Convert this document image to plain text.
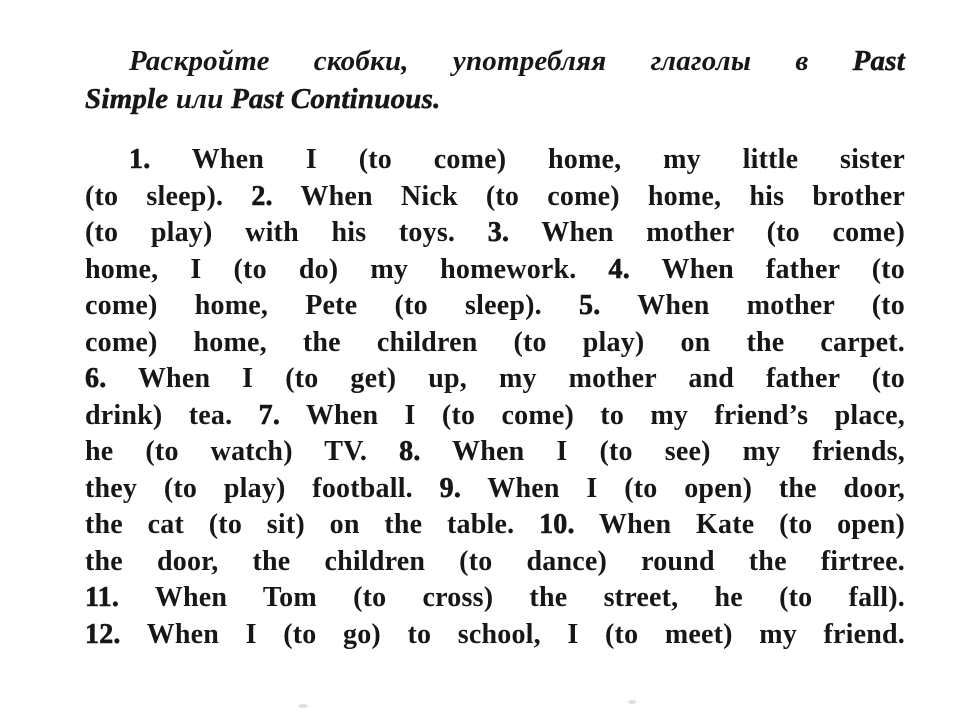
Раскройте скобки, употребляя глаголы в Past
Simple или Past Continuous.
1. When I (to come) home, my little sister
(to sleep). 2. When Nick (to come) home, his brother
(to play) with his toys. 3. When mother (to come)
home, I (to do) my homework. 4. When father (to
come) home, Pete (to sleep). 5. When mother (to
come) home, the children (to play) on the carpet.
6. When I (to get) up, my mother and father (to
drink) tea. 7. When I (to come) to my friend’s place,
he (to watch) TV. 8. When I (to see) my friends,
they (to play) football. 9. When I (to open) the door,
the cat (to sit) on the table. 10. When Kate (to open)
the door, the children (to dance) round the firtree.
11. When Tom (to cross) the street, he (to fall).
12. When I (to go) to school, I (to meet) my friend.
